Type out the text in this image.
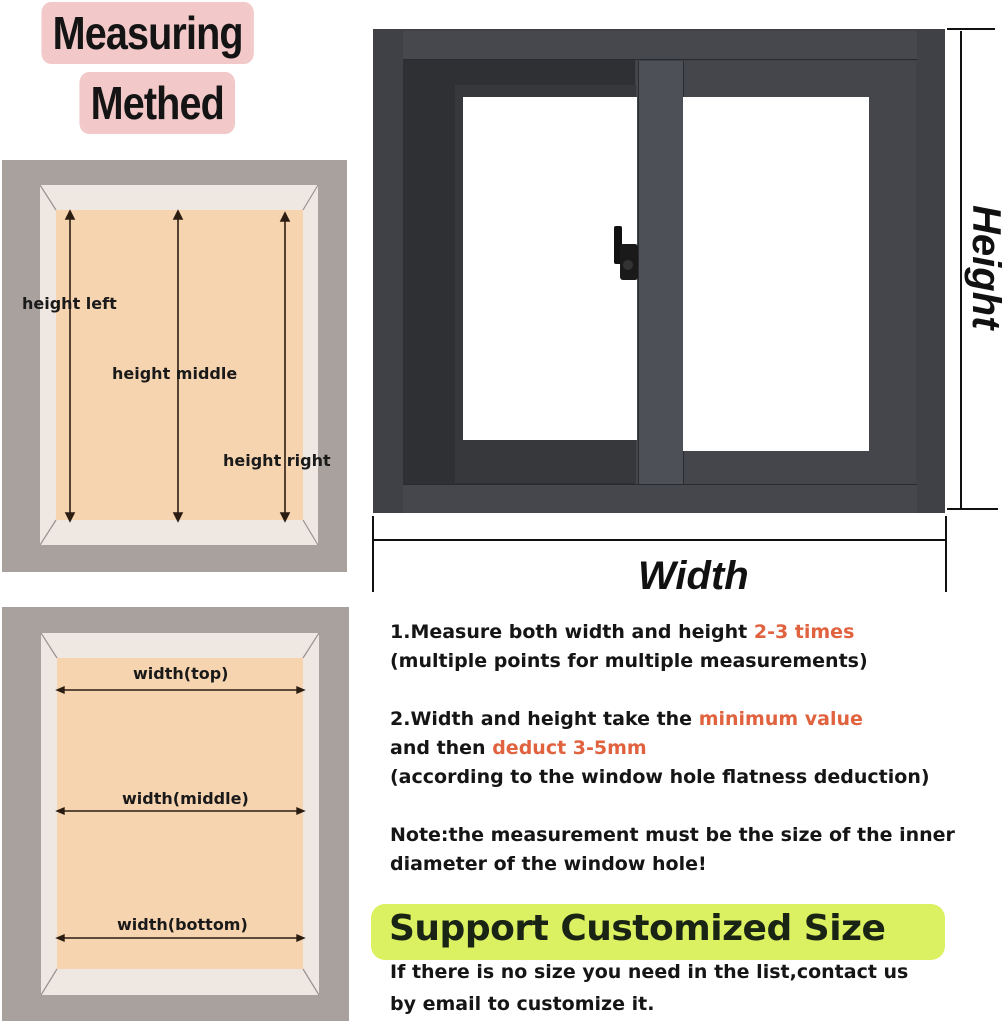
Measuring
Methed
height left
height middle
height right
width(top)
width(middle)
width(bottom)
Height
Width
1.Measure both width and height 2-3 times
(multiple points for multiple measurements)
2.Width and height take the minimum value
and then deduct 3-5mm
(according to the window hole flatness deduction)
Note:the measurement must be the size of the inner
diameter of the window hole!
Support Customized Size
If there is no size you need in the list,contact us
by email to customize it.
